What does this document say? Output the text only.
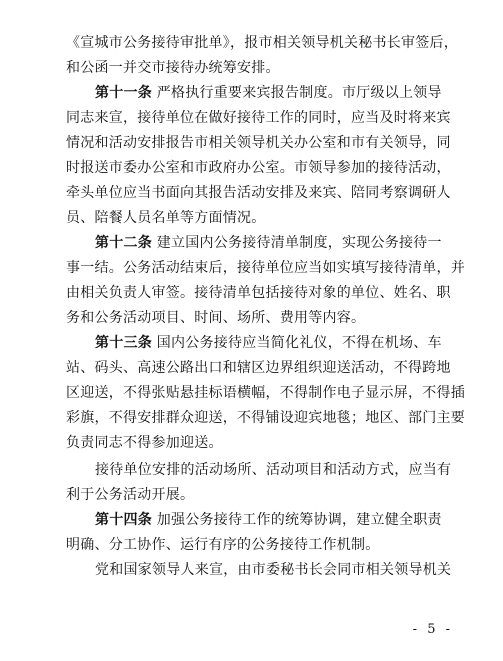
《宣城市公务接待审批单》，报市相关领导机关秘书长审签后，
和公函一并交市接待办统筹安排。
第十一条 严格执行重要来宾报告制度。市厅级以上领导
同志来宣，接待单位在做好接待工作的同时，应当及时将来宾
情况和活动安排报告市相关领导机关办公室和市有关领导，同
时报送市委办公室和市政府办公室。市领导参加的接待活动，
牵头单位应当书面向其报告活动安排及来宾、陪同考察调研人
员、陪餐人员名单等方面情况。
第十二条 建立国内公务接待清单制度，实现公务接待一
事一结。公务活动结束后，接待单位应当如实填写接待清单，并
由相关负责人审签。接待清单包括接待对象的单位、姓名、职
务和公务活动项目、时间、场所、费用等内容。
第十三条 国内公务接待应当简化礼仪，不得在机场、车
站、码头、高速公路出口和辖区边界组织迎送活动，不得跨地
区迎送，不得张贴悬挂标语横幅，不得制作电子显示屏，不得插
彩旗，不得安排群众迎送，不得铺设迎宾地毯；地区、部门主要
负责同志不得参加迎送。
接待单位安排的活动场所、活动项目和活动方式，应当有
利于公务活动开展。
第十四条 加强公务接待工作的统筹协调，建立健全职责
明确、分工协作、运行有序的公务接待工作机制。
党和国家领导人来宣，由市委秘书长会同市相关领导机关
- 5 -
